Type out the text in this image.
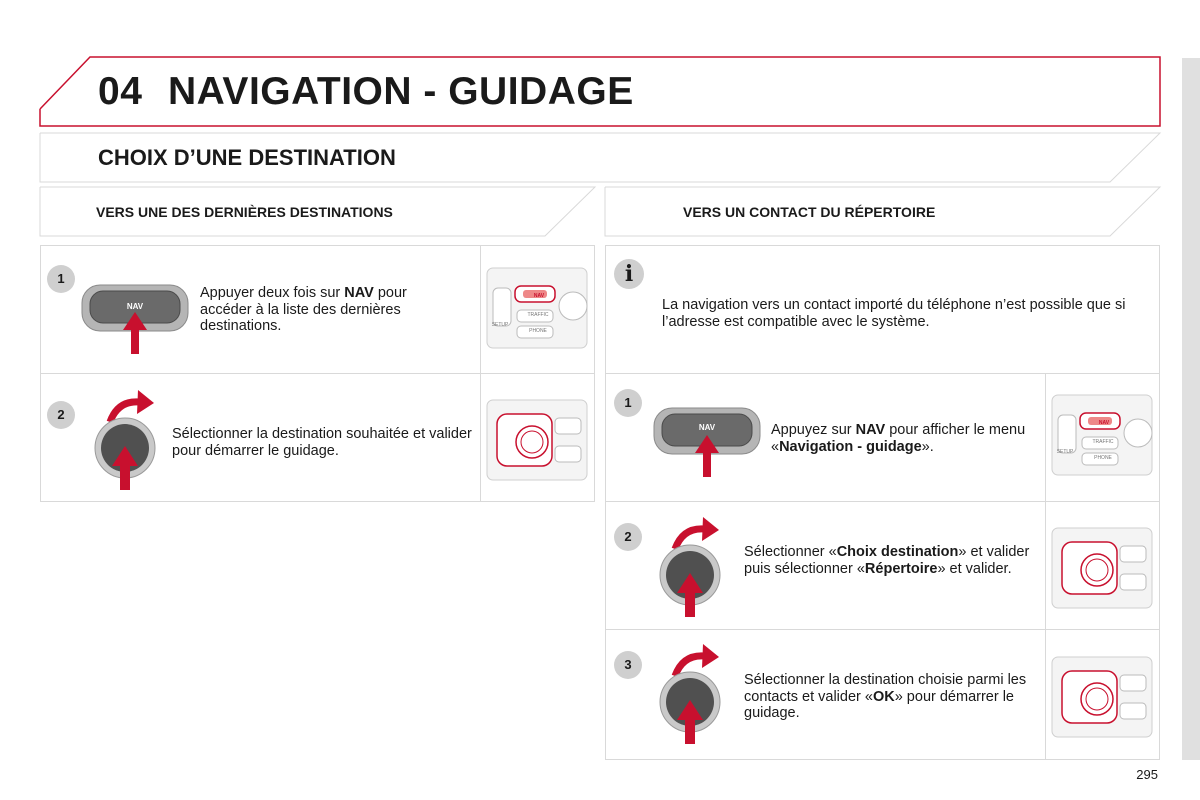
04 NAVIGATION - GUIDAGE
CHOIX D’UNE DESTINATION
VERS UNE DES DERNIÈRES DESTINATIONS	VERS UN CONTACT DU RÉPERTOIRE
1
2
NAV
Appuyer deux fois sur NAV pour accéder à la liste des dernières destinations.
Sélectionner la destination souhaitée et valider pour démarrer le guidage.
NAV
TRAFFIC
PHONE
SETUP
i
La navigation vers un contact importé du téléphone n’est possible que si l’adresse est compatible avec le système.
1
2
3
NAV	Appuyez sur NAV pour afficher le menu «Navigation - guidage».
Sélectionner «Choix destination» et valider puis sélectionner «Répertoire» et valider.
Sélectionner la destination choisie parmi les contacts et valider «OK» pour démarrer le guidage.
NAV
TRAFFIC
PHONE
SETUP
295
